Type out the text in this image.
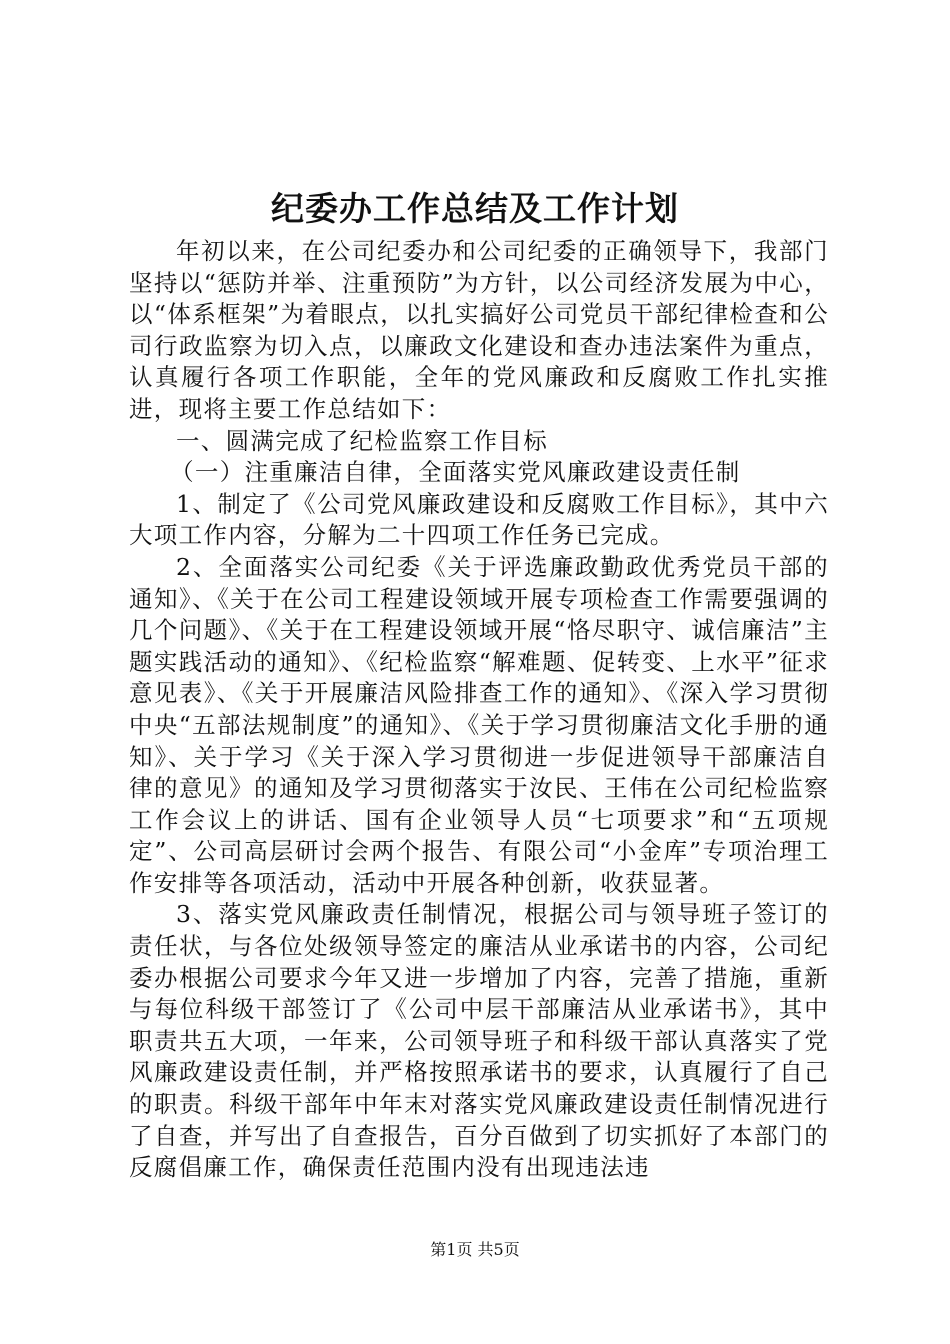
纪委办工作总结及工作计划

年初以来，在公司纪委办和公司纪委的正确领导下，我部门坚持以“惩防并举、注重预防”为方针，以公司经济发展为中心，以“体系框架”为着眼点，以扎实搞好公司党员干部纪律检查和公司行政监察为切入点，以廉政文化建设和查办违法案件为重点，认真履行各项工作职能，全年的党风廉政和反腐败工作扎实推进，现将主要工作总结如下：

一、圆满完成了纪检监察工作目标

（一）注重廉洁自律，全面落实党风廉政建设责任制

1、制定了《公司党风廉政建设和反腐败工作目标》，其中六大项工作内容，分解为二十四项工作任务已完成。

2、全面落实公司纪委《关于评选廉政勤政优秀党员干部的通知》、《关于在公司工程建设领域开展专项检查工作需要强调的几个问题》、《关于在工程建设领域开展“恪尽职守、诚信廉洁”主题实践活动的通知》、《纪检监察“解难题、促转变、上水平”征求意见表》、《关于开展廉洁风险排查工作的通知》、《深入学习贯彻中央“五部法规制度”的通知》、《关于学习贯彻廉洁文化手册的通知》、关于学习《关于深入学习贯彻进一步促进领导干部廉洁自律的意见》的通知及学习贯彻落实于汝民、王伟在公司纪检监察工作会议上的讲话、国有企业领导人员“七项要求”和“五项规定”、公司高层研讨会两个报告、有限公司“小金库”专项治理工作安排等各项活动，活动中开展各种创新，收获显著。

3、落实党风廉政责任制情况，根据公司与领导班子签订的责任状，与各位处级领导签定的廉洁从业承诺书的内容，公司纪委办根据公司要求今年又进一步增加了内容，完善了措施，重新与每位科级干部签订了《公司中层干部廉洁从业承诺书》，其中职责共五大项，一年来，公司领导班子和科级干部认真落实了党风廉政建设责任制，并严格按照承诺书的要求，认真履行了自己的职责。科级干部年中年末对落实党风廉政建设责任制情况进行了自查，并写出了自查报告，百分百做到了切实抓好了本部门的反腐倡廉工作，确保责任范围内没有出现违法违

第1页 共5页
